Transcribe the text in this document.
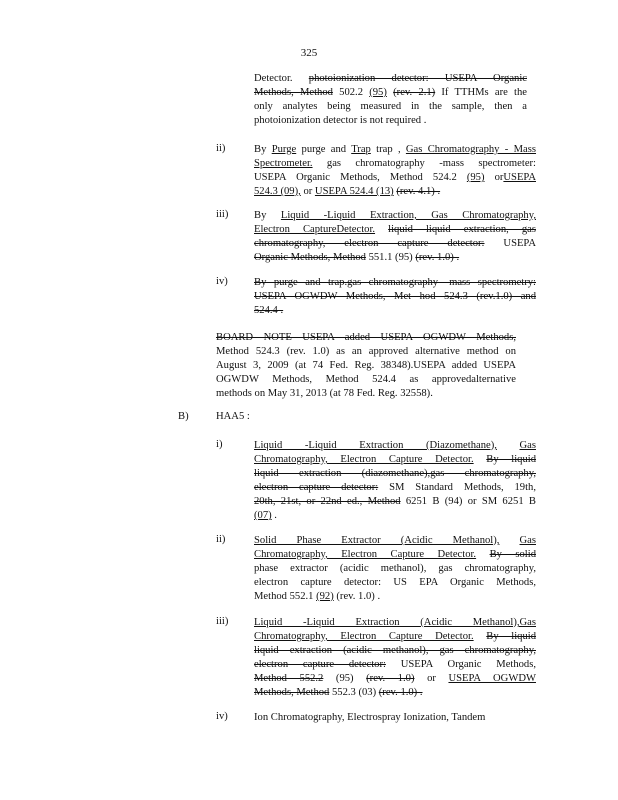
325
Detector. photoionization detector: USEPA Organic
Methods, Method 502.2 (95) (rev. 2.1) If TTHMs are the
only analytes being measured in the sample, then a
photoionization detector is not required .
ii)	By Purge purge and Trap trap , Gas Chromatography - Mass
Spectrometer. gas chromatography -mass spectrometer:
USEPA Organic Methods, Method 524.2 (95) orUSEPA
524.3 (09), or USEPA 524.4 (13) (rev. 4.1) .
iii) By Liquid -Liquid Extraction, Gas Chromatography,
Electron CaptureDetector. liquid liquid extraction, gas
chromatography, electron capture detector: USEPA
Organic Methods, Method 551.1 (95) (rev. 1.0) .
iv) By purge and trap.gas chromatography -mass spectrometry:
USEPA OGWDW Methods, Met hod 524.3 (rev.1.0) and
524.4 .
BOARD NOTE USEPA added USEPA OGWDW Methods,
Method 524.3 (rev. 1.0) as an approved alternative method on
August 3, 2009 (at 74 Fed. Reg. 38348).USEPA added USEPA
OGWDW Methods, Method 524.4 as approvedalternative
methods on May 31, 2013 (at 78 Fed. Reg. 32558).
B)	HAA5 :
i)	Liquid -Liquid Extraction (Diazomethane), Gas
Chromatography, Electron Capture Detector. By liquid
liquid extraction (diazomethane),gas chromatography,
electron capture detector: SM Standard Methods, 19th,
20th, 21st, or 22nd ed., Method 6251 B (94) or SM 6251 B
(07) .
ii)	Solid Phase Extractor (Acidic Methanol), Gas
Chromatography, Electron Capture Detector. By solid
phase extractor (acidic methanol), gas chromatography,
electron capture detector: US EPA Organic Methods,
Method 552.1 (92) (rev. 1.0) .
iii) Liquid -Liquid Extraction (Acidic Methanol),Gas
Chromatography, Electron Capture Detector. By liquid
liquid extraction (acidic methanol), gas chromatography,
electron capture detector: USEPA Organic Methods,
Method 552.2 (95) (rev. 1.0) or USEPA OGWDW
Methods, Method 552.3 (03) (rev. 1.0) .
iv) Ion Chromatography, Electrospray Ionization, Tandem
